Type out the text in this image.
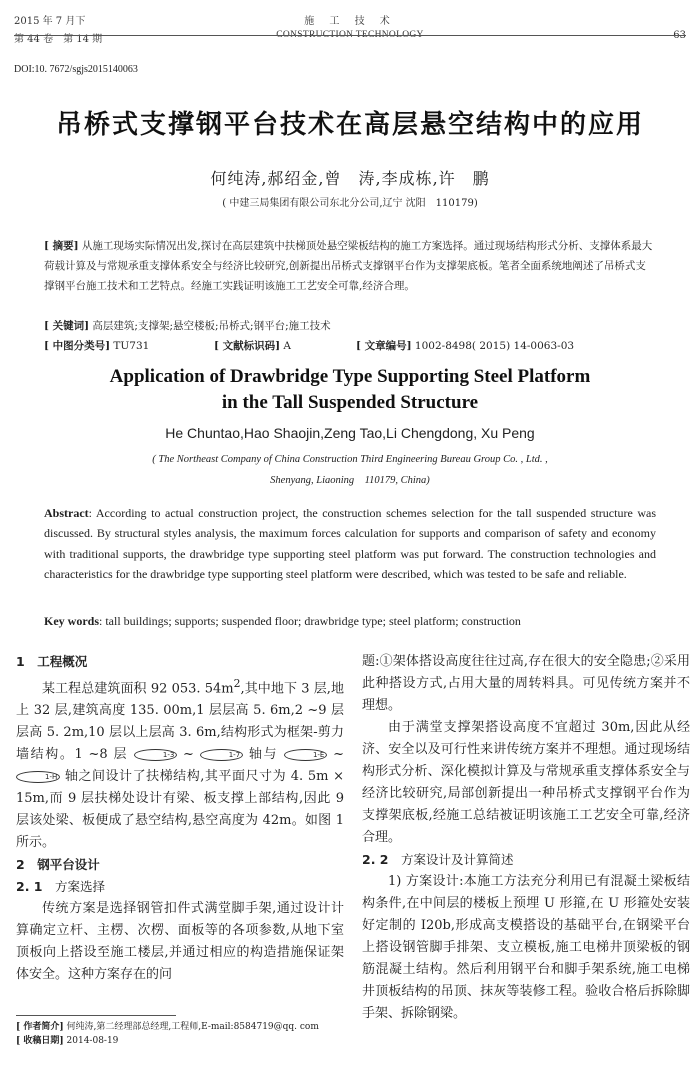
2015 年 7 月下
第 44 卷　第 14 期
施 工 技 术
CONSTRUCTION TECHNOLOGY	63
DOI:10. 7672/sgjs2015140063
吊桥式支撑钢平台技术在高层悬空结构中的应用
何纯涛,郝绍金,曾　涛,李成栋,许　鹏
( 中建三局集团有限公司东北分公司,辽宁 沈阳　110179)
[ 摘要] 从施工现场实际情况出发,探讨在高层建筑中扶梯顶处悬空梁板结构的施工方案选择。通过现场结构形式分析、支撑体系最大荷载计算及与常规承重支撑体系安全与经济比较研究,创新提出吊桥式支撑钢平台作为支撑架底板。笔者全面系统地阐述了吊桥式支撑钢平台施工技术和工艺特点。经施工实践证明该施工工艺安全可靠,经济合理。
[ 关键词] 高层建筑;支撑架;悬空楼板;吊桥式;钢平台;施工技术
[ 中图分类号] TU731	[ 文献标识码] A	[ 文章编号] 1002-8498( 2015) 14-0063-03
Application of Drawbridge Type Supporting Steel Platform
in the Tall Suspended Structure
He Chuntao,Hao Shaojin,Zeng Tao,Li Chengdong, Xu Peng
( The Northeast Company of China Construction Third Engineering Bureau Group Co. , Ltd. ,
Shenyang, Liaoning　110179, China)
Abstract: According to actual construction project, the construction schemes selection for the tall suspended structure was discussed. By structural styles analysis, the maximum forces calculation for supports and comparison of safety and economy with traditional supports, the drawbridge type supporting steel platform was put forward. The construction technologies and characteristics for the drawbridge type supporting steel platform were described, which was tested to be safe and reliable.
Key words: tall buildings; supports; suspended floor; drawbridge type; steel platform; construction
1　工程概况

某工程总建筑面积 92 053. $54m^2$,其中地下 3 层,地上 32 层,建筑高度 135. 00m,1 层层高 5. 6m,2 ~9 层层高 5. 2m,10 层以上层高 3. 6m,结构形式为框架-剪力墙结构。1 ~8 层	1-3 ~	1-7 轴与	1-E ~ 1-H 轴之间设计了扶梯结构,其平面尺寸为 4. 5m × 15m,而 9 层扶梯处设计有梁、板支撑上部结构,因此 9 层该处梁、板便成了悬空结构,悬空高度为 42m。如图 1 所示。

2　钢平台设计
2. 1　方案选择

传统方案是选择钢管扣件式满堂脚手架,通过设计计算确定立杆、主楞、次楞、面板等的各项参数,从地下室顶板向上搭设至施工楼层,并通过相应的构造措施保证架体安全。这种方案存在的问

题:①架体搭设高度往往过高,存在很大的安全隐患;②采用此种搭设方式,占用大量的周转料具。可见传统方案并不理想。

由于满堂支撑架搭设高度不宜超过 30m,因此从经济、安全以及可行性来讲传统方案并不理想。通过现场结构形式分析、深化模拟计算及与常规承重支撑体系安全与经济比较研究,局部创新提出一种吊桥式支撑钢平台作为支撑架底板,经施工总结被证明该施工工艺安全可靠,经济合理。

2. 2　方案设计及计算简述

1) 方案设计:本施工方法充分利用已有混凝土梁板结构条件,在中间层的楼板上预埋 U 形箍,在 U 形箍处安装好定制的 I20b,形成高支模搭设的基础平台,在钢梁平台上搭设钢管脚手排架、支立模板,施工电梯井顶梁板的钢筋混凝土结构。然后利用钢平台和脚手架系统,施工电梯井顶板结构的吊顶、抹灰等装修工程。验收合格后拆除脚手架、拆除钢梁。

[ 作者简介] 何纯涛,第二经理部总经理,工程师,E-mail:8584719@qq. com
[ 收稿日期] 2014-08-19
